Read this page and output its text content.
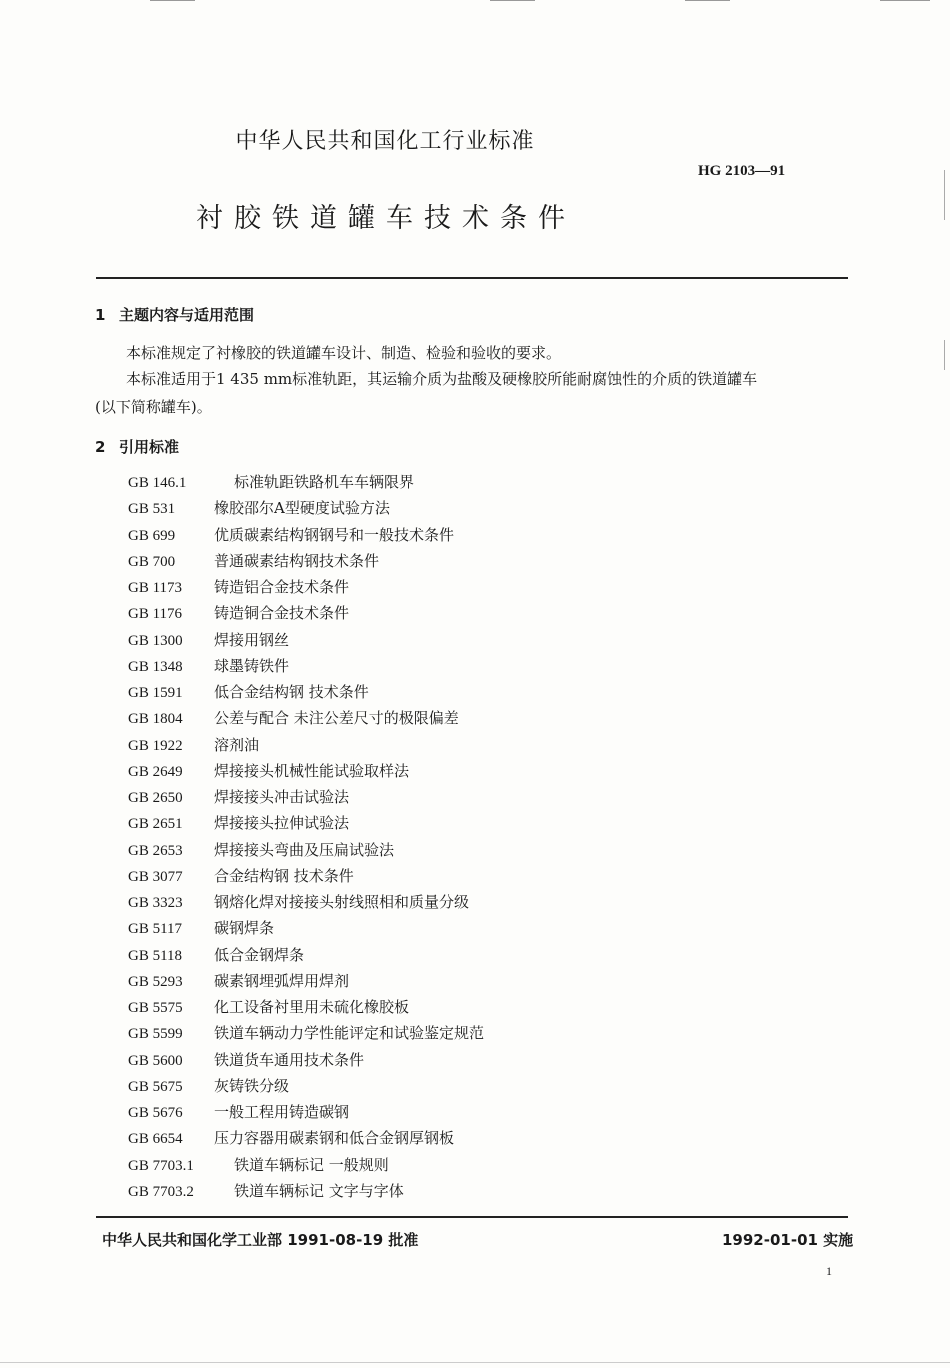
中华人民共和国化工行业标准
HG 2103—91
衬胶铁道罐车技术条件
1 主题内容与适用范围
本标准规定了衬橡胶的铁道罐车设计、制造、检验和验收的要求。
本标准适用于1 435 mm标准轨距，其运输介质为盐酸及硬橡胶所能耐腐蚀性的介质的铁道罐车
(以下简称罐车)。
2 引用标准
GB 146.1	标准轨距铁路机车车辆限界
GB 531	橡胶邵尔A型硬度试验方法
GB 699	优质碳素结构钢钢号和一般技术条件
GB 700	普通碳素结构钢技术条件
GB 1173 铸造铝合金技术条件
GB 1176 铸造铜合金技术条件
GB 1300 焊接用钢丝
GB 1348 球墨铸铁件
GB 1591 低合金结构钢 技术条件
GB 1804 公差与配合 未注公差尺寸的极限偏差
GB 1922 溶剂油
GB 2649 焊接接头机械性能试验取样法
GB 2650 焊接接头冲击试验法
GB 2651 焊接接头拉伸试验法
GB 2653 焊接接头弯曲及压扁试验法
GB 3077 合金结构钢 技术条件
GB 3323 钢熔化焊对接接头射线照相和质量分级
GB 5117 碳钢焊条
GB 5118 低合金钢焊条
GB 5293 碳素钢埋弧焊用焊剂
GB 5575 化工设备衬里用未硫化橡胶板
GB 5599 铁道车辆动力学性能评定和试验鉴定规范
GB 5600 铁道货车通用技术条件
GB 5675 灰铸铁分级
GB 5676 一般工程用铸造碳钢
GB 6654 压力容器用碳素钢和低合金钢厚钢板
GB 7703.1	铁道车辆标记 一般规则
GB 7703.2	铁道车辆标记 文字与字体
中华人民共和国化学工业部 1991-08-19 批准	1992-01-01 实施
1
